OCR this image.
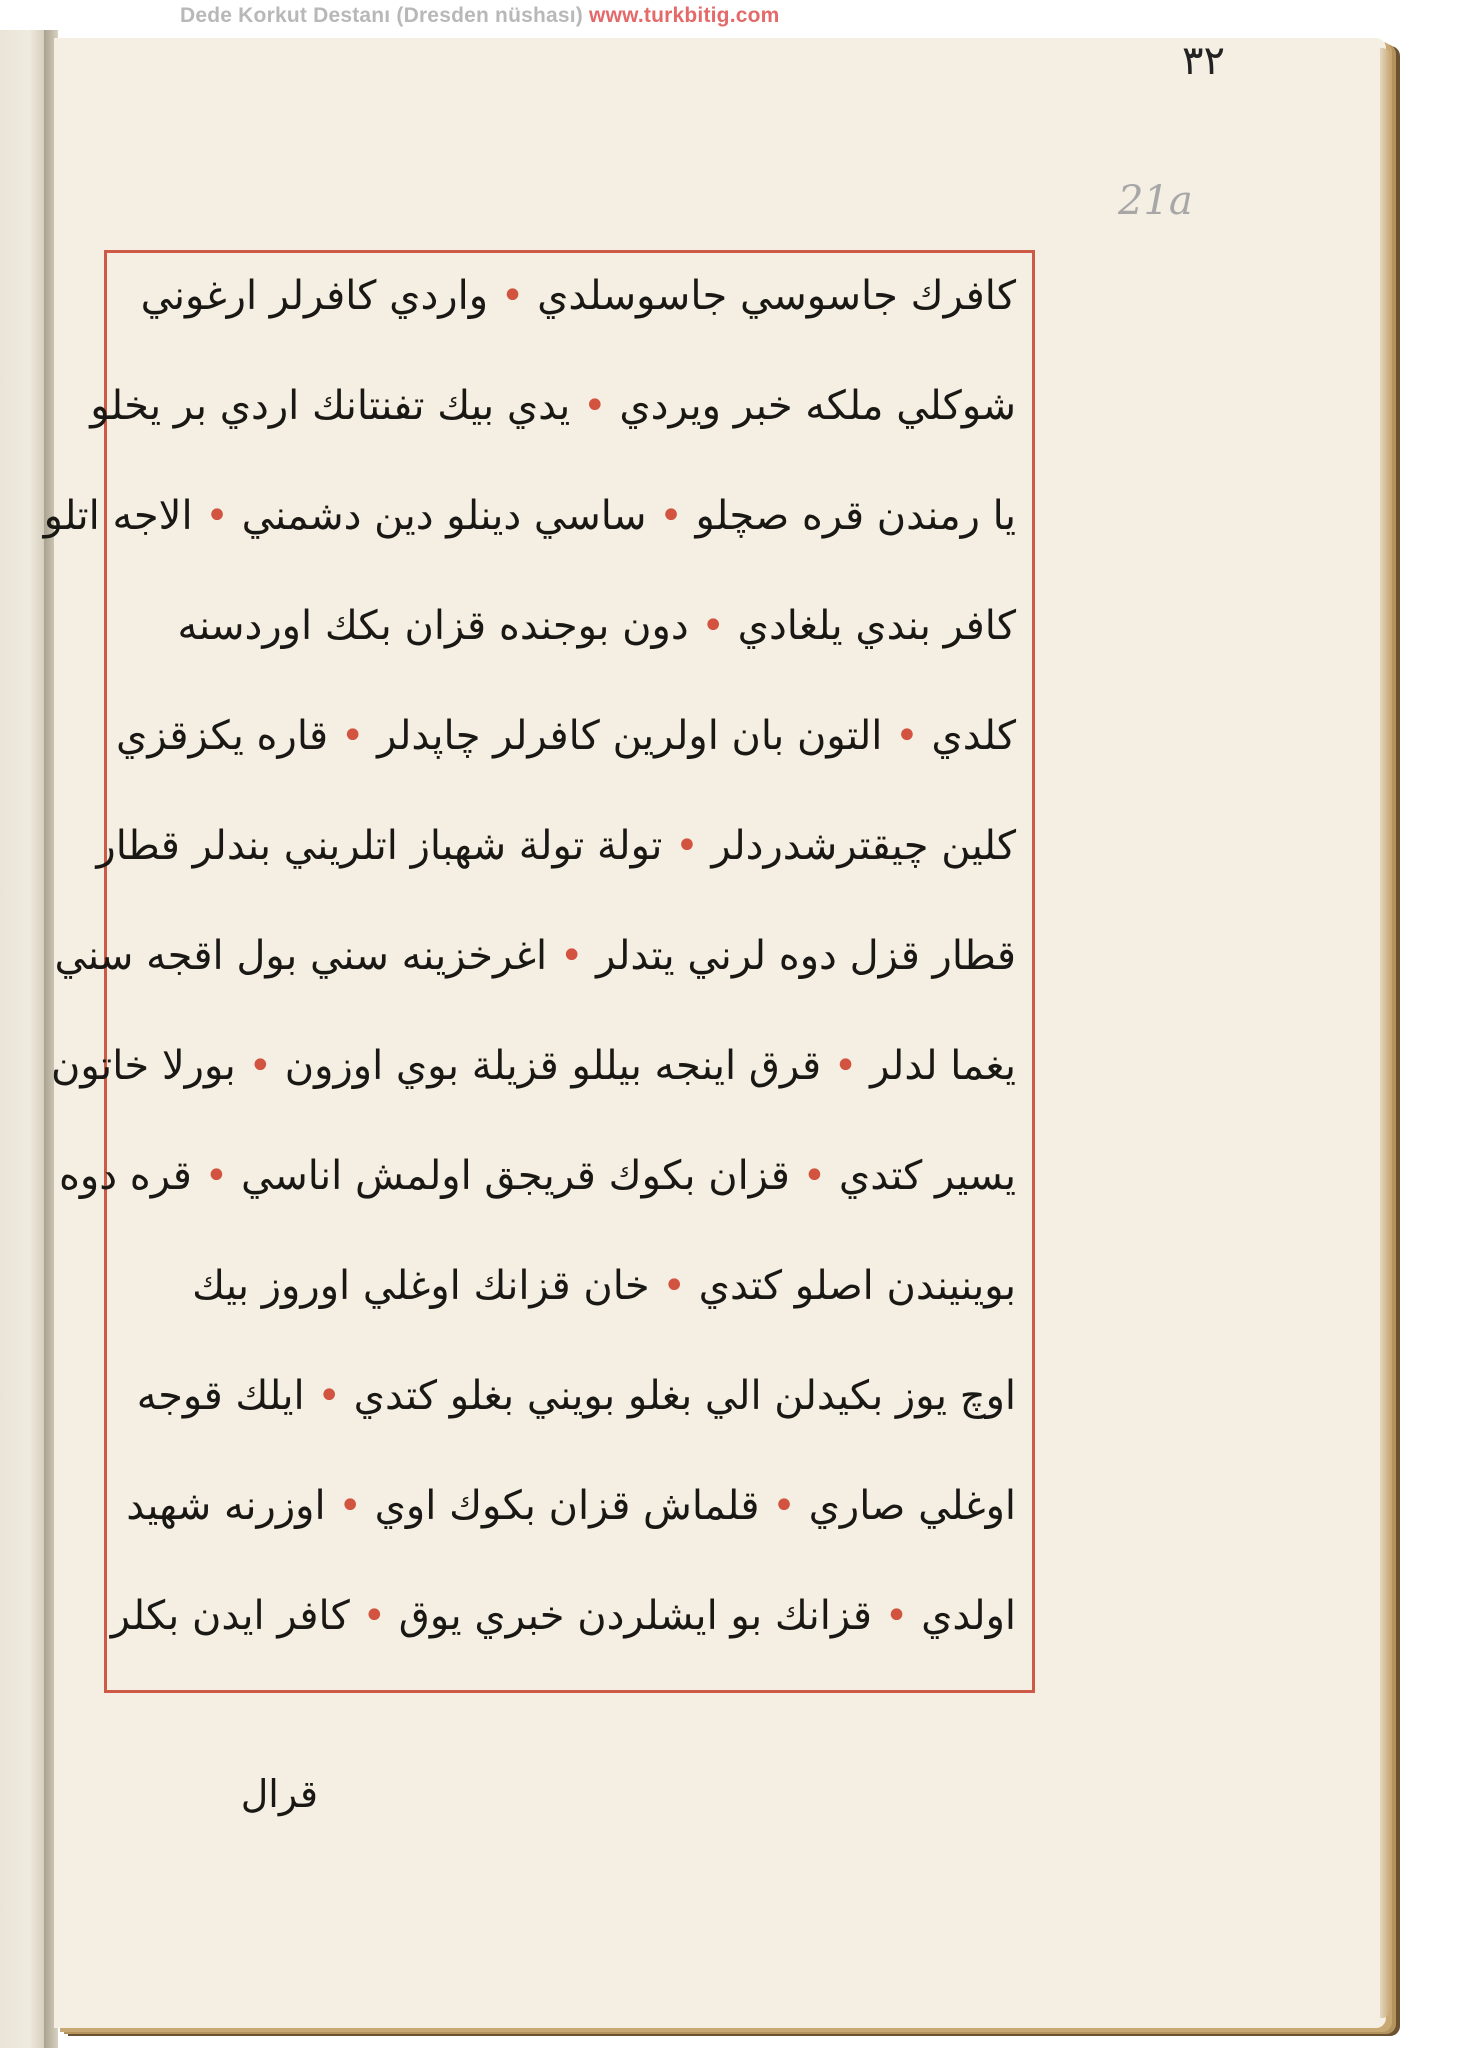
Dede Korkut Destanı (Dresden nüshası) www.turkbitig.com
۳۲
21a
كافرك جاسوسي جاسوسلدي • واردي كافرلر ارغوني
شوكلي ملكه خبر ويردي • يدي بيك تفنتانك اردي بر يخلو
يا رمندن قره صچلو • ساسي دينلو دين دشمني • الاجه اتلو
كافر بندي يلغادي • دون بوجنده قزان بكك اوردسنه
كلدي • التون بان اولرين كافرلر چاپدلر • قاره يكزقزي
كلين چيقترشدردلر • تولة تولة شهباز اتلريني بندلر قطار
قطار قزل دوه لرني يتدلر • اغرخزينه سني بول اقجه سني
يغما لدلر • قرق اينجه بيللو قزيلة بوي اوزون • بورلا خاتون
يسير كتدي • قزان بكوك قريجق اولمش اناسي • قره دوه
بوينيندن اصلو كتدي • خان قزانك اوغلي اوروز بيك
اوچ يوز بكيدلن الي بغلو بويني بغلو كتدي • ايلك قوجه
اوغلي صاري • قلماش قزان بكوك اوي • اوزرنه شهيد
اولدي • قزانك بو ايشلردن خبري يوق • كافر ايدن بكلر
قرال
